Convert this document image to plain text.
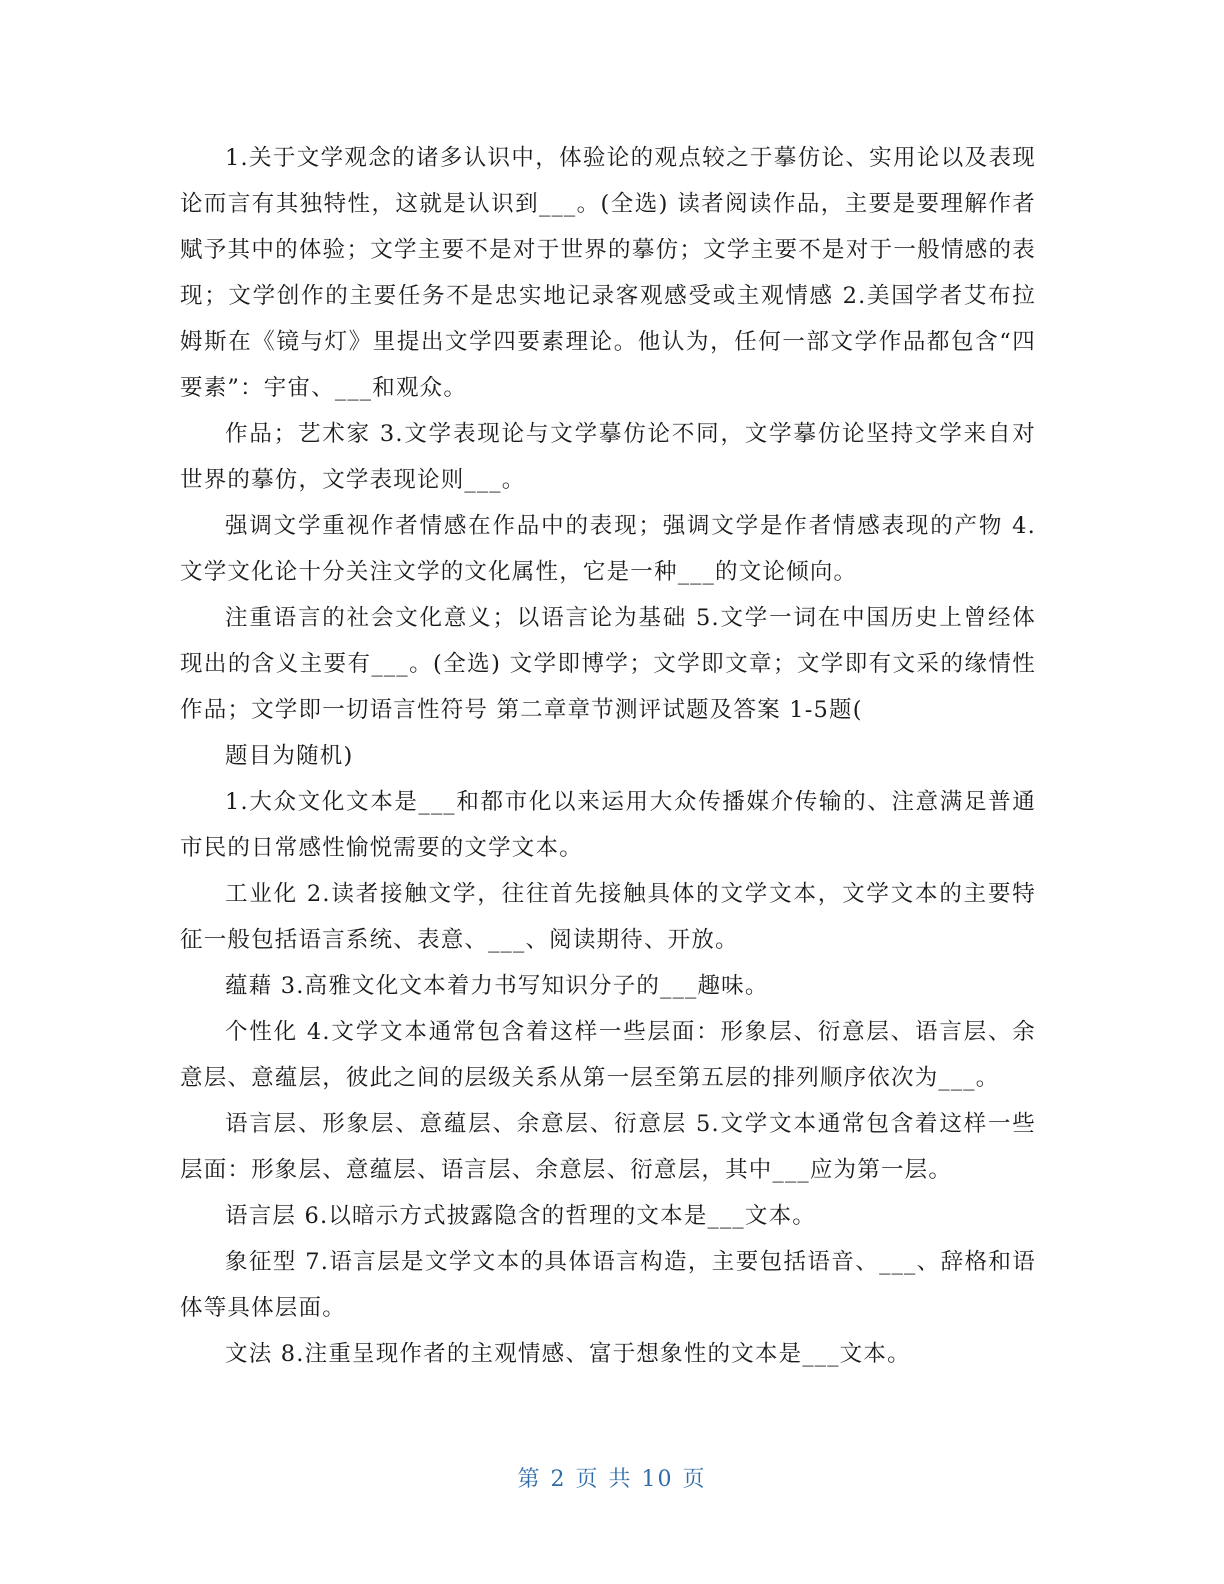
1.关于文学观念的诸多认识中，体验论的观点较之于摹仿论、实用论以及表现论而言有其独特性，这就是认识到___。(全选) 读者阅读作品，主要是要理解作者赋予其中的体验；文学主要不是对于世界的摹仿；文学主要不是对于一般情感的表现；文学创作的主要任务不是忠实地记录客观感受或主观情感 2.美国学者艾布拉姆斯在《镜与灯》里提出文学四要素理论。他认为，任何一部文学作品都包含“四要素”：宇宙、___和观众。

作品；艺术家 3.文学表现论与文学摹仿论不同，文学摹仿论坚持文学来自对世界的摹仿，文学表现论则___。

强调文学重视作者情感在作品中的表现；强调文学是作者情感表现的产物 4.文学文化论十分关注文学的文化属性，它是一种___的文论倾向。

注重语言的社会文化意义；以语言论为基础 5.文学一词在中国历史上曾经体现出的含义主要有___。(全选) 文学即博学；文学即文章；文学即有文采的缘情性作品；文学即一切语言性符号 第二章章节测评试题及答案 1-5题(

题目为随机)

1.大众文化文本是___和都市化以来运用大众传播媒介传输的、注意满足普通市民的日常感性愉悦需要的文学文本。

工业化 2.读者接触文学，往往首先接触具体的文学文本，文学文本的主要特征一般包括语言系统、表意、___、阅读期待、开放。

蕴藉 3.高雅文化文本着力书写知识分子的___趣味。

个性化 4.文学文本通常包含着这样一些层面：形象层、衍意层、语言层、余意层、意蕴层，彼此之间的层级关系从第一层至第五层的排列顺序依次为___。

语言层、形象层、意蕴层、余意层、衍意层 5.文学文本通常包含着这样一些层面：形象层、意蕴层、语言层、余意层、衍意层，其中___应为第一层。

语言层 6.以暗示方式披露隐含的哲理的文本是___文本。

象征型 7.语言层是文学文本的具体语言构造，主要包括语音、___、辞格和语体等具体层面。

文法 8.注重呈现作者的主观情感、富于想象性的文本是___文本。

第 2 页 共 10 页
